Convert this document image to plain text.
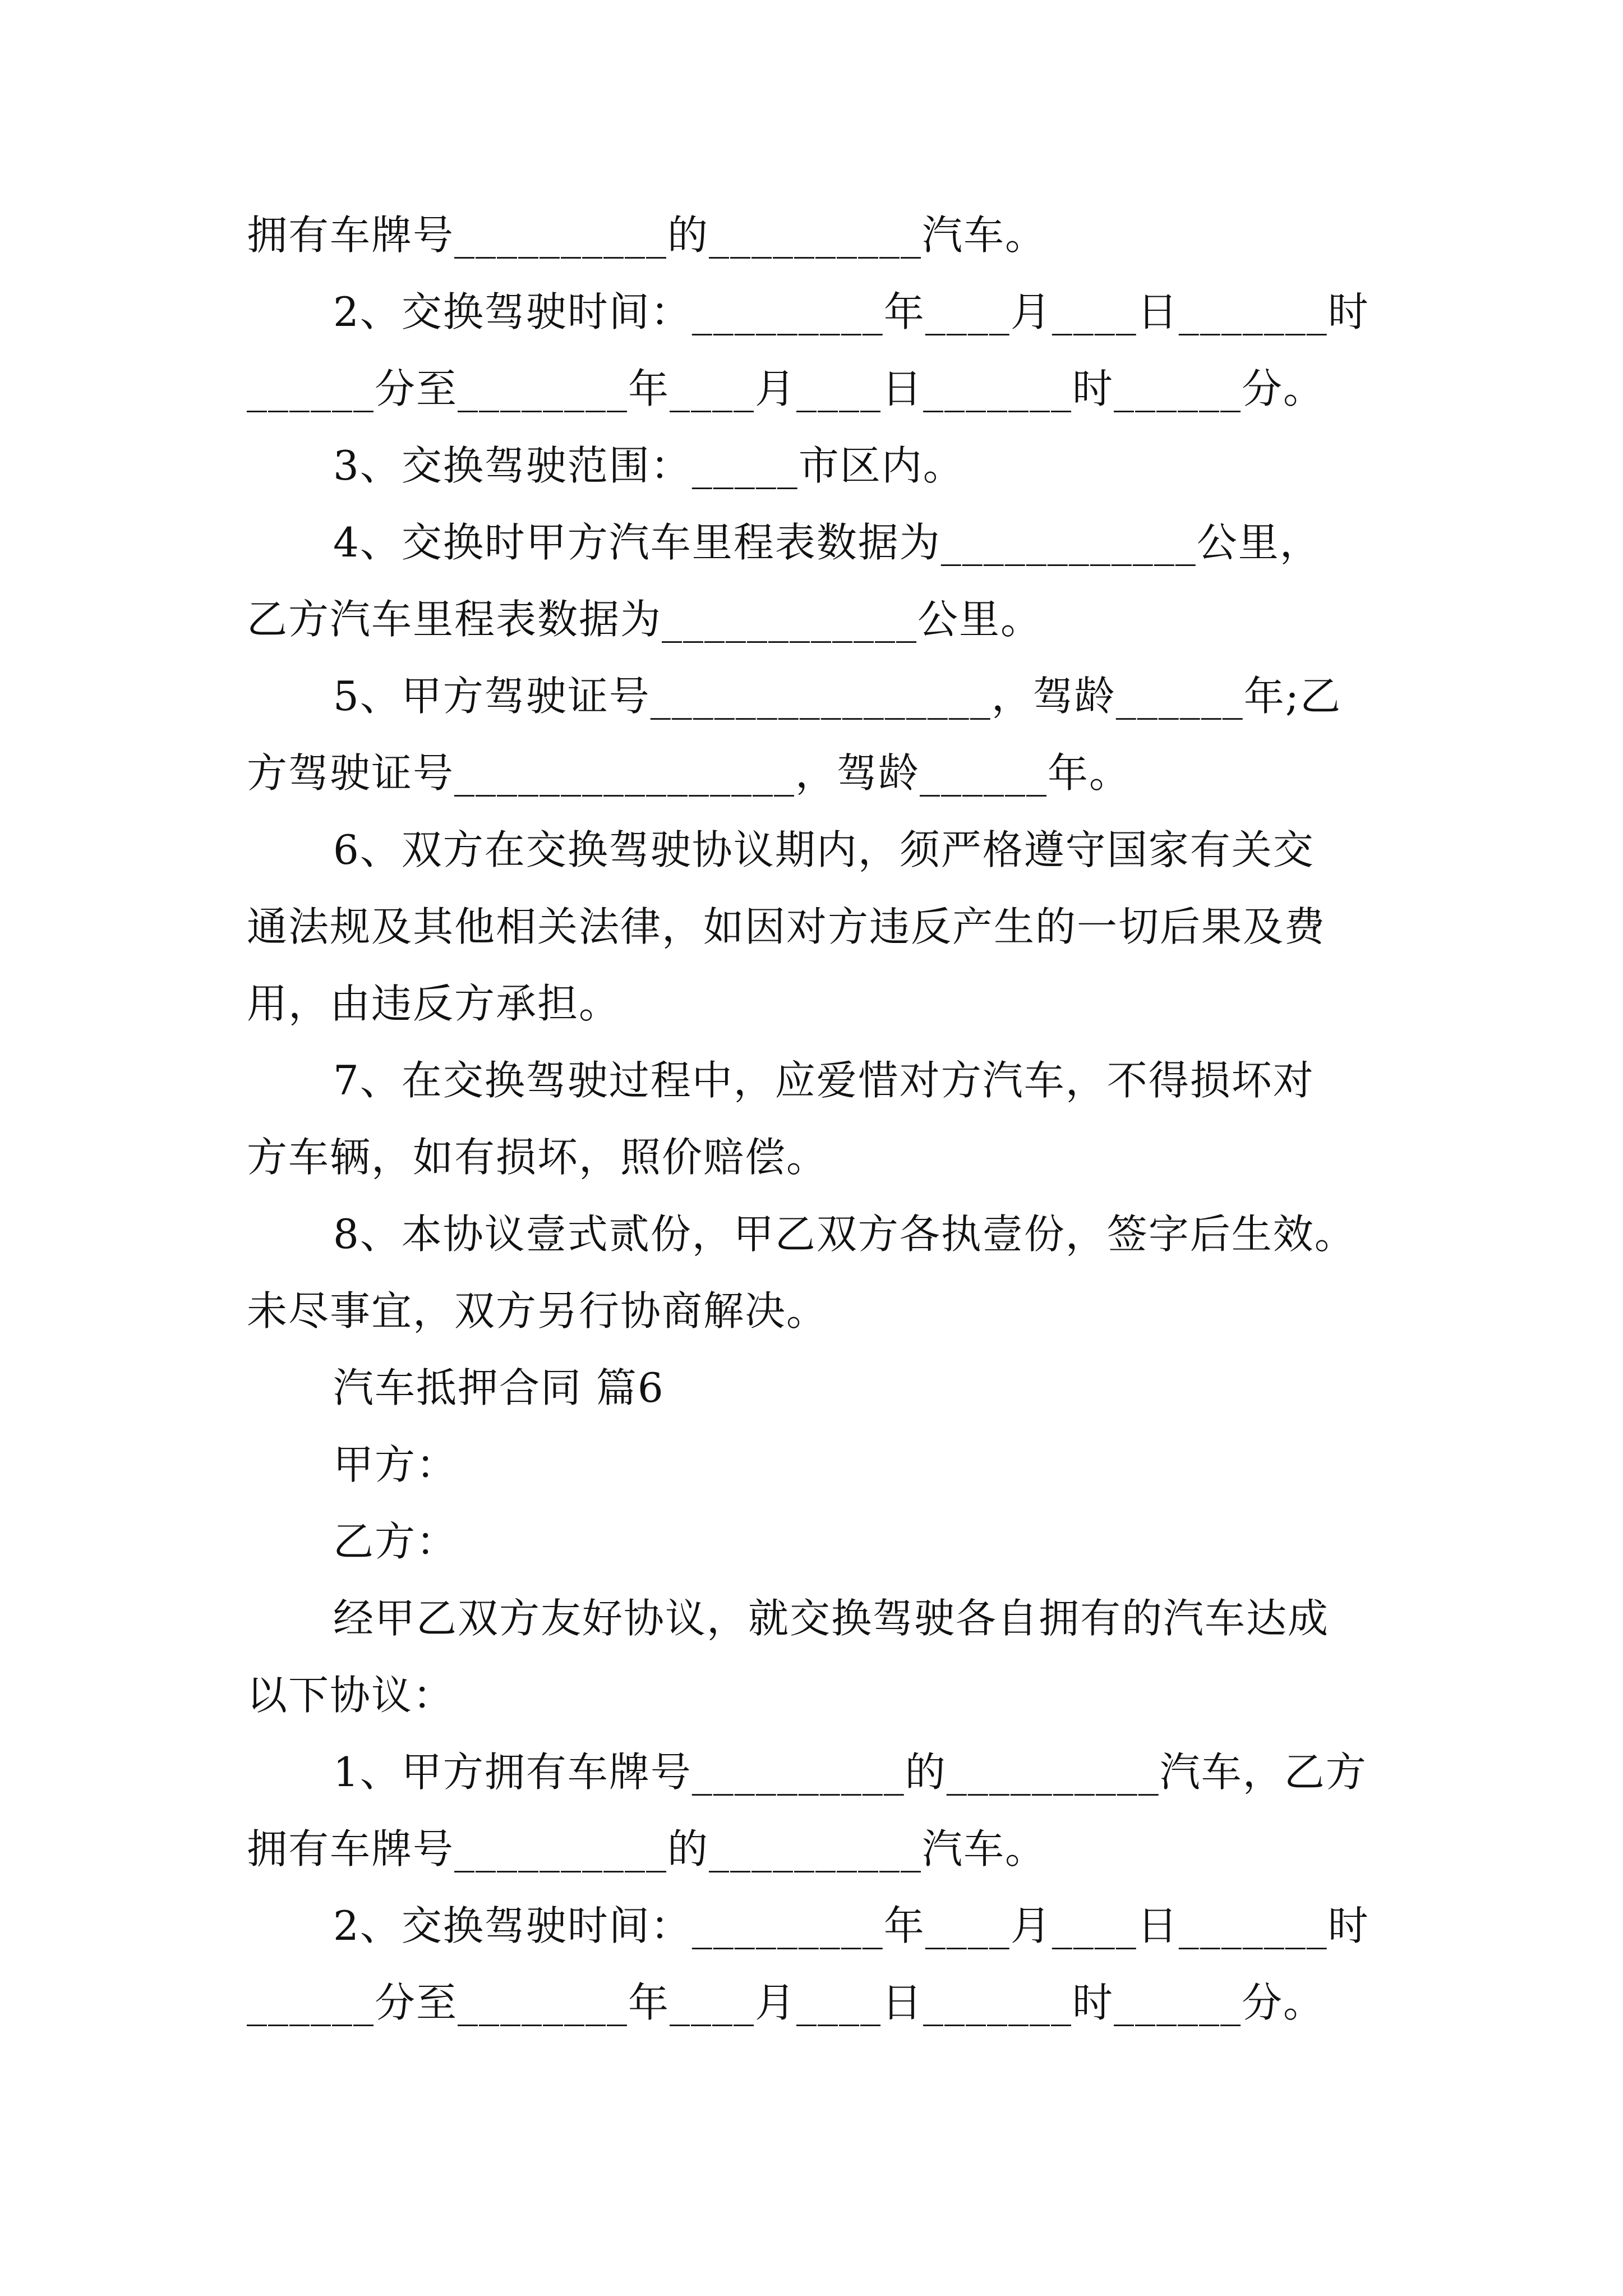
拥有车牌号__________的__________汽车。
2、交换驾驶时间：_________年____月____日_______时
______分至________年____月____日_______时______分。
3、交换驾驶范围：_____市区内。
4、交换时甲方汽车里程表数据为____________公里，
乙方汽车里程表数据为____________公里。
5、甲方驾驶证号________________，驾龄______年;乙
方驾驶证号________________，驾龄______年。
6、双方在交换驾驶协议期内，须严格遵守国家有关交
通法规及其他相关法律，如因对方违反产生的一切后果及费
用，由违反方承担。
7、在交换驾驶过程中，应爱惜对方汽车，不得损坏对
方车辆，如有损坏，照价赔偿。
8、本协议壹式贰份，甲乙双方各执壹份，签字后生效。
未尽事宜，双方另行协商解决。
汽车抵押合同 篇6
甲方：
乙方：
经甲乙双方友好协议，就交换驾驶各自拥有的汽车达成
以下协议：
1、甲方拥有车牌号__________的__________汽车，乙方
拥有车牌号__________的__________汽车。
2、交换驾驶时间：_________年____月____日_______时
______分至________年____月____日_______时______分。
